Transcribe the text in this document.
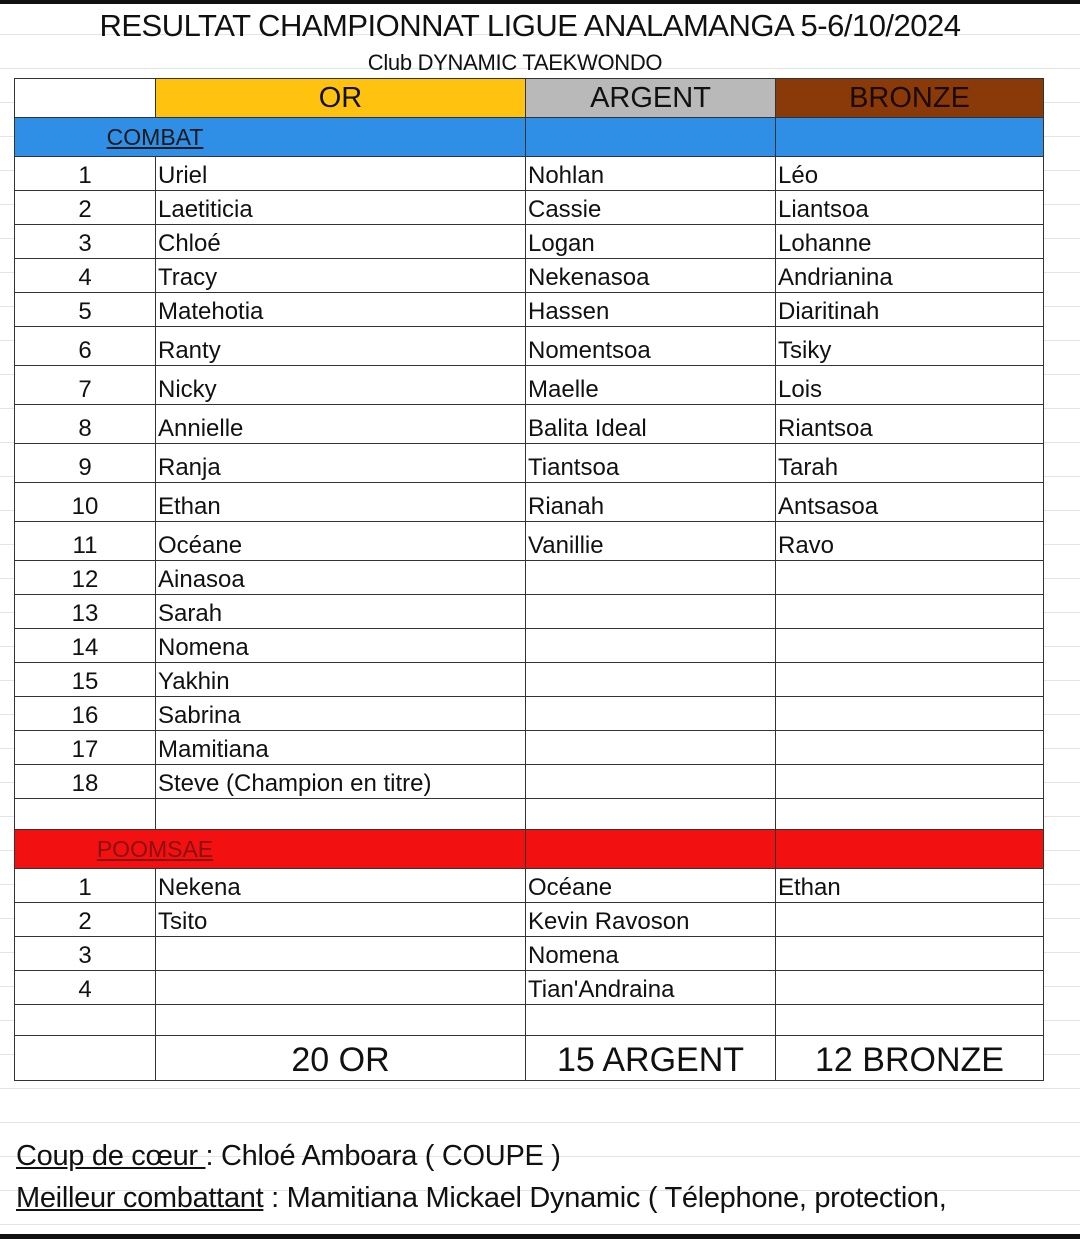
RESULTAT CHAMPIONNAT LIGUE ANALAMANGA 5-6/10/2024
Club DYNAMIC TAEKWONDO
	OR	ARGENT	BRONZE

COMBAT			

1	Uriel	Nohlan	Léo
2	Laetiticia	Cassie	Liantsoa
3	Chloé	Logan	Lohanne
4	Tracy	Nekenasoa	Andrianina
5	Matehotia	Hassen	Diaritinah
6	Ranty	Nomentsoa	Tsiky
7	Nicky	Maelle	Lois
8	Annielle	Balita Ideal	Riantsoa
9	Ranja	Tiantsoa	Tarah
10	Ethan	Rianah	Antsasoa
11	Océane	Vanillie	Ravo
12	Ainasoa		
13	Sarah		
14	Nomena		
15	Yakhin		
16	Sabrina		
17	Mamitiana		
18	Steve (Champion en titre)		

POOMSAE			

1	Nekena	Océane	Ethan
2	Tsito	Kevin Ravoson	
3		Nomena	
4		Tian'Andraina	

	20 OR	15 ARGENT	12 BRONZE
Coup de cœur : Chloé Amboara ( COUPE )
Meilleur combattant : Mamitiana Mickael Dynamic ( Télephone, protection,
